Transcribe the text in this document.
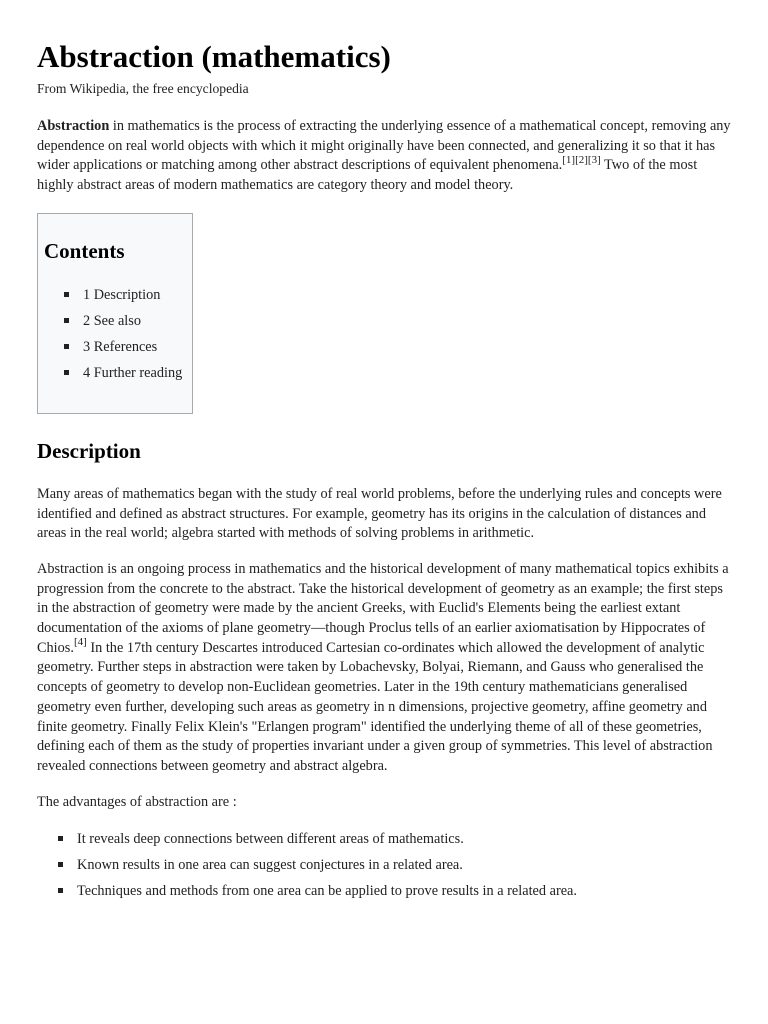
Abstraction (mathematics)
From Wikipedia, the free encyclopedia

Abstraction in mathematics is the process of extracting the underlying essence of a mathematical concept, removing any dependence on real world objects with which it might originally have been connected, and generalizing it so that it has wider applications or matching among other abstract descriptions of equivalent phenomena.[1][2][3] Two of the most highly abstract areas of modern mathematics are category theory and model theory.

Contents
1 Description
2 See also
3 References
4 Further reading
Description

Many areas of mathematics began with the study of real world problems, before the underlying rules and concepts were identified and defined as abstract structures. For example, geometry has its origins in the calculation of distances and areas in the real world; algebra started with methods of solving problems in arithmetic.

Abstraction is an ongoing process in mathematics and the historical development of many mathematical topics exhibits a progression from the concrete to the abstract. Take the historical development of geometry as an example; the first steps in the abstraction of geometry were made by the ancient Greeks, with Euclid's Elements being the earliest extant documentation of the axioms of plane geometry—though Proclus tells of an earlier axiomatisation by Hippocrates of Chios.[4] In the 17th century Descartes introduced Cartesian co-ordinates which allowed the development of analytic geometry. Further steps in abstraction were taken by Lobachevsky, Bolyai, Riemann, and Gauss who generalised the concepts of geometry to develop non-Euclidean geometries. Later in the 19th century mathematicians generalised geometry even further, developing such areas as geometry in n dimensions, projective geometry, affine geometry and finite geometry. Finally Felix Klein's "Erlangen program" identified the underlying theme of all of these geometries, defining each of them as the study of properties invariant under a given group of symmetries. This level of abstraction revealed connections between geometry and abstract algebra.

The advantages of abstraction are :

It reveals deep connections between different areas of mathematics.
Known results in one area can suggest conjectures in a related area.
Techniques and methods from one area can be applied to prove results in a related area.
